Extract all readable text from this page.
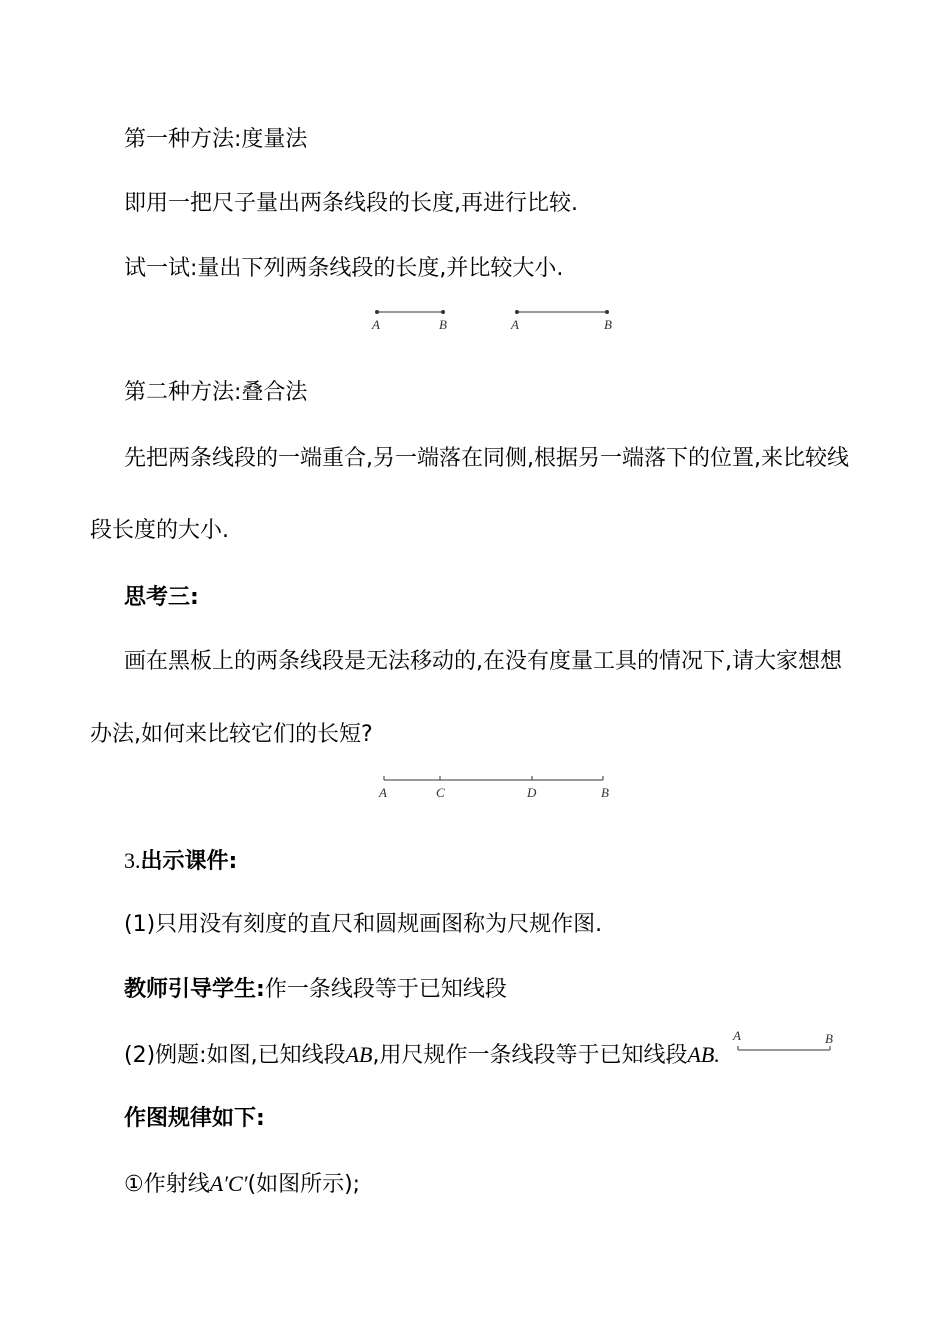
第一种方法:度量法
即用一把尺子量出两条线段的长度,再进行比较.
试一试:量出下列两条线段的长度,并比较大小.
A	B	A	B
第二种方法:叠合法
先把两条线段的一端重合,另一端落在同侧,根据另一端落下的位置,来比较线
段长度的大小.
思考三:
画在黑板上的两条线段是无法移动的,在没有度量工具的情况下,请大家想想
办法,如何来比较它们的长短?
A	C	D	B
3.出示课件:
(1)只用没有刻度的直尺和圆规画图称为尺规作图.
教师引导学生:作一条线段等于已知线段
(2)例题:如图,已知线段AB,用尺规作一条线段等于已知线段AB.
A	B
作图规律如下:
①作射线A′C′(如图所示);
